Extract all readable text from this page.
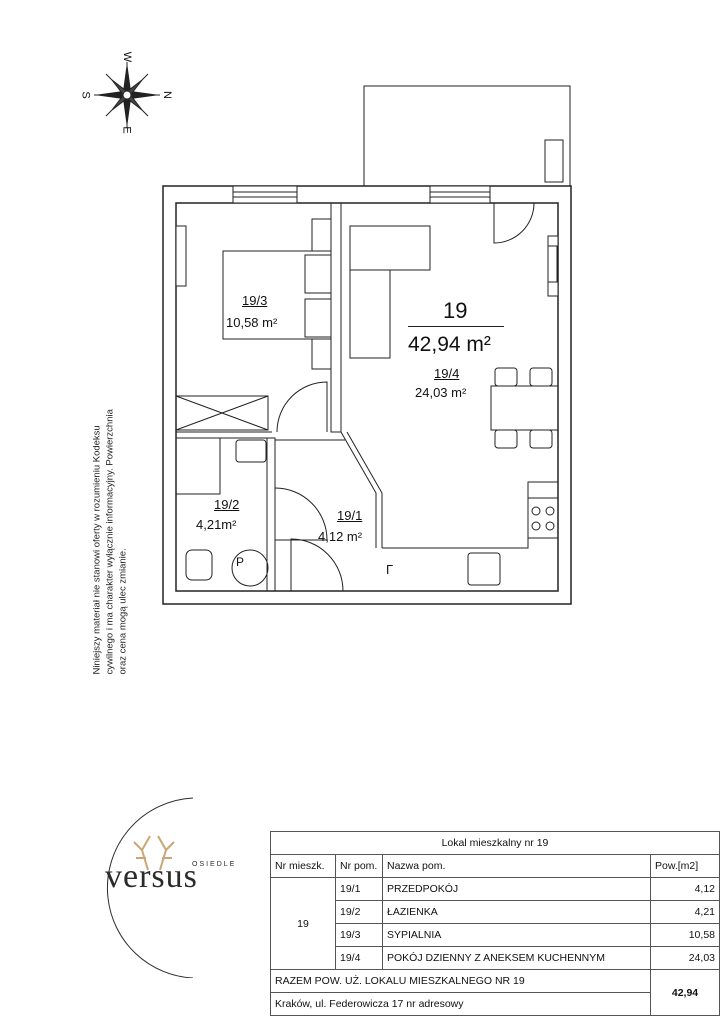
N
S
E
W
19
42,94 m²
19/4
24,03 m²
19/3
10,58 m²
19/2
4,21m²
19/1
4,12 m²
P	Γ
Niniejszy materiał nie stanowi oferty w rozumieniu Kodeksu cywilnego i ma charakter wyłącznie informacyjny. Powierzchnia oraz cena mogą ulec zmianie.
OSIEDLE
versus
Lokal mieszkalny nr 19			
Nr mieszk.	Nr pom.	Nazwa pom.	Pow.[m2]
19	19/1	PRZEDPOKÓJ	4,12
	19/2	ŁAZIENKA	4,21
	19/3	SYPIALNIA	10,58
	19/4	POKÓJ DZIENNY Z ANEKSEM KUCHENNYM	24,03
RAZEM POW. UŻ. LOKALU MIESZKALNEGO NR 19			42,94
Kraków, ul. Federowicza 17 nr adresowy			
